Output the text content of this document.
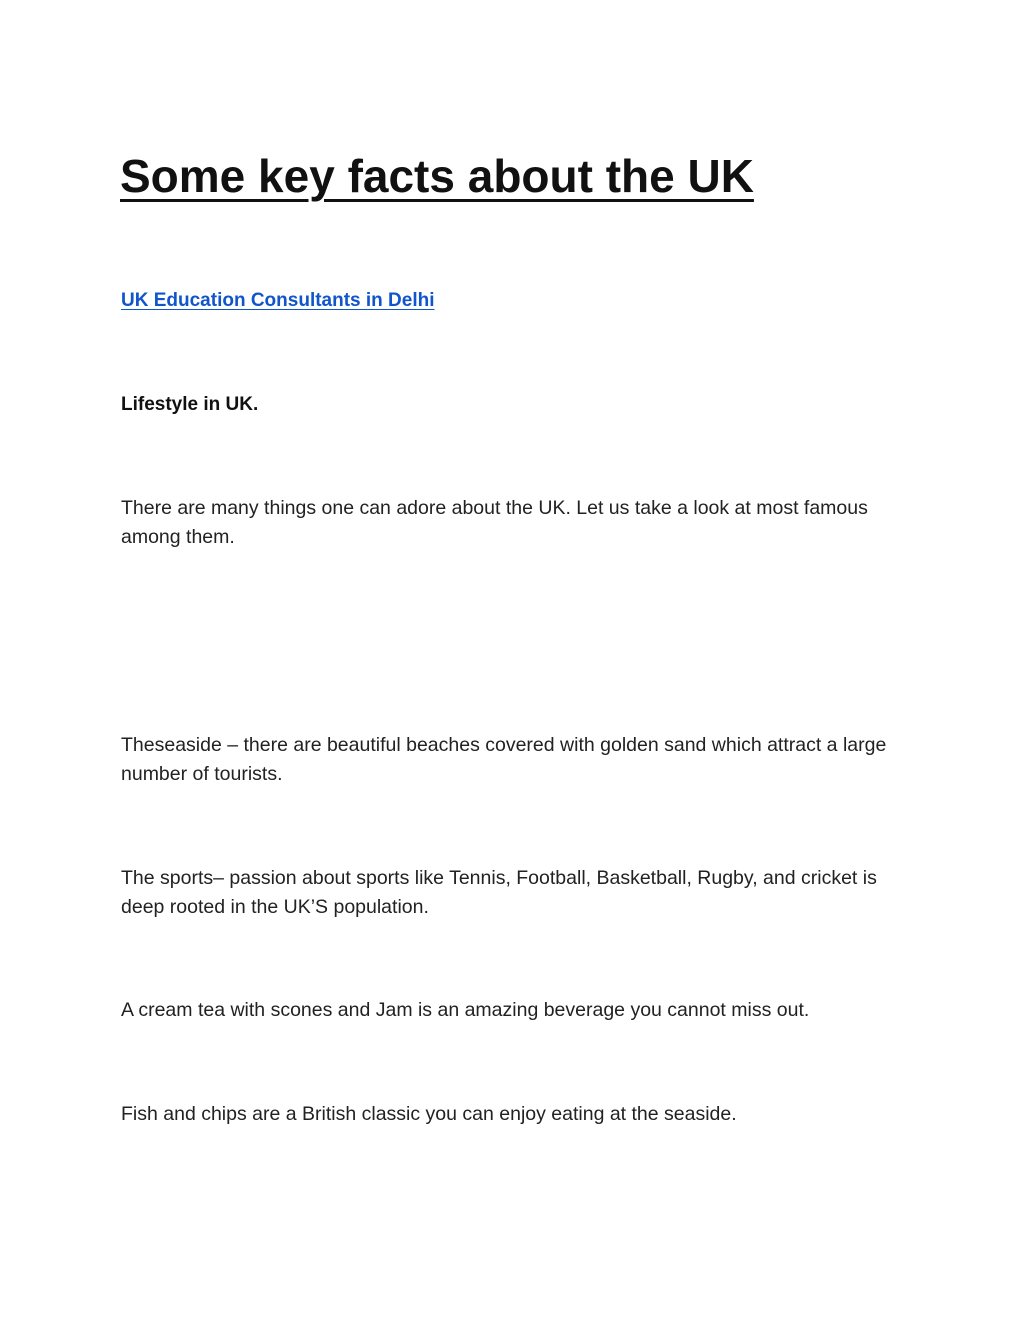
Some key facts about the UK
UK Education Consultants in Delhi
Lifestyle in UK.

There are many things one can adore about the UK. Let us take a look at most famous among them.

Theseaside – there are beautiful beaches covered with golden sand which attract a large number of tourists.

The sports– passion about sports like Tennis, Football, Basketball, Rugby, and cricket is deep rooted in the UK’S population.

A cream tea with scones and Jam is an amazing beverage you cannot miss out.

Fish and chips are a British classic you can enjoy eating at the seaside.
